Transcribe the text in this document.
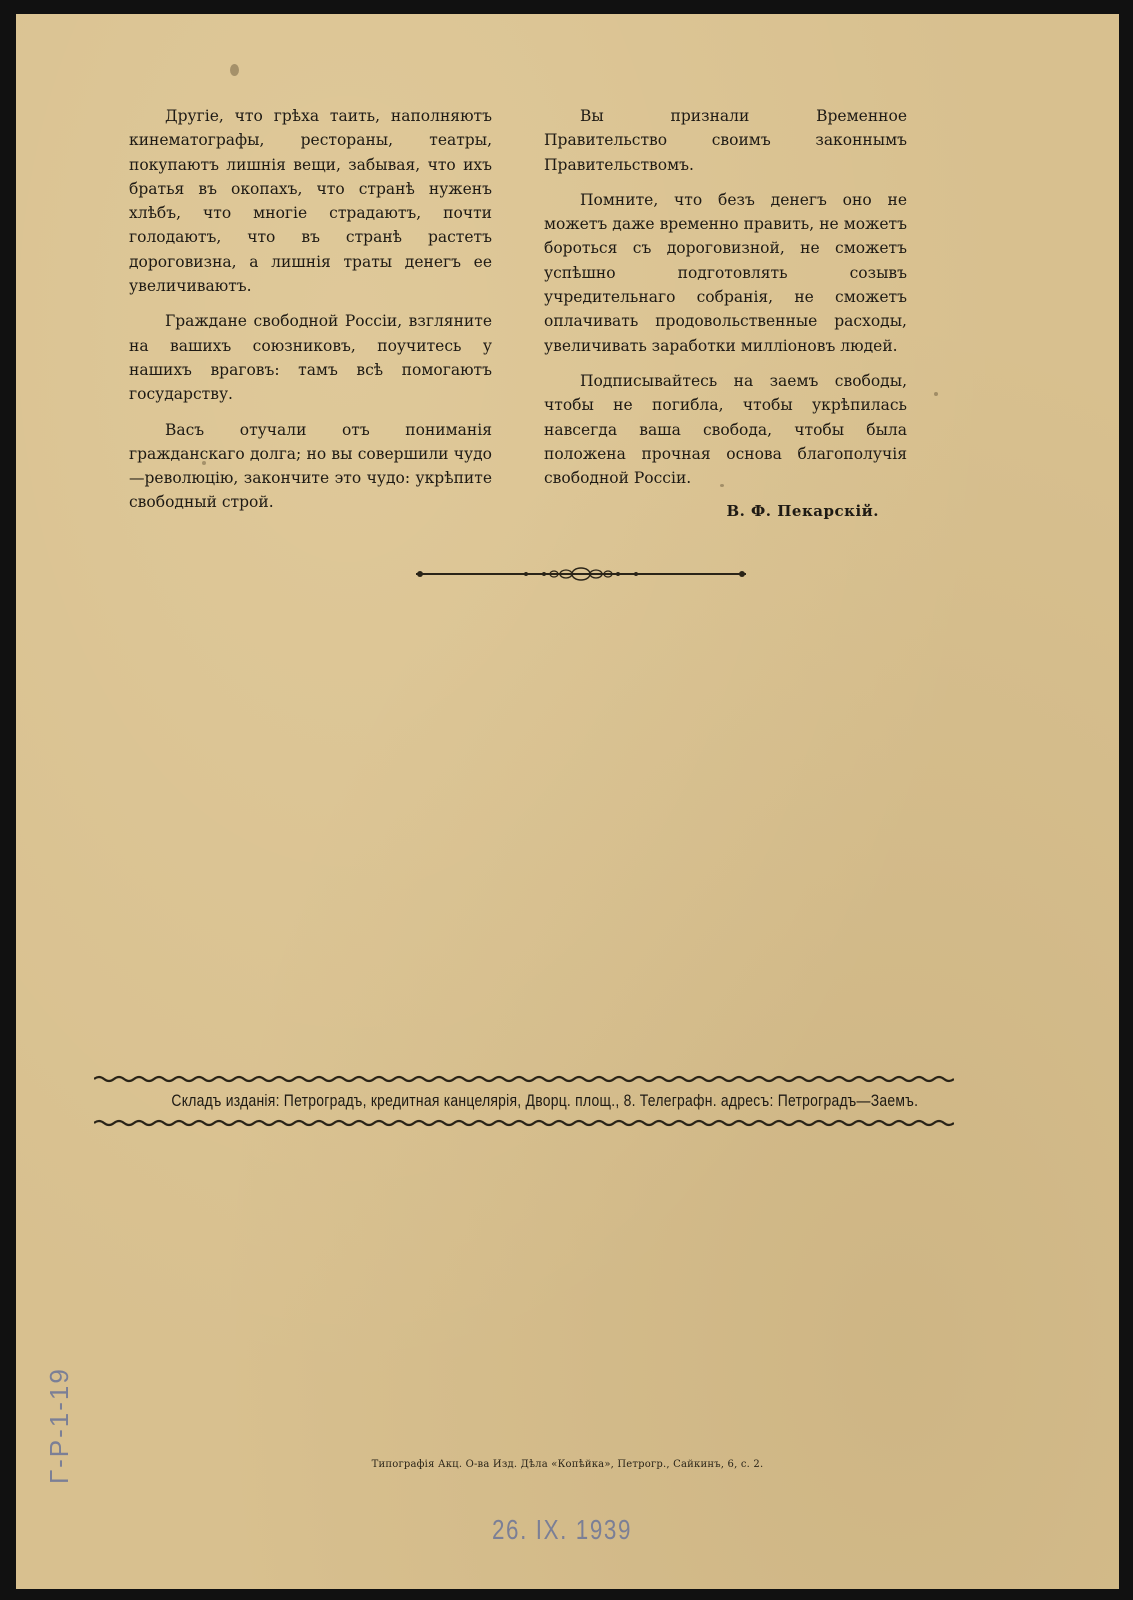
Другіе, что грѣха таить, наполняютъ кинематографы, рестораны, театры, покупаютъ лишнія вещи, забывая, что ихъ братья въ окопахъ, что странѣ нуженъ хлѣбъ, что многіе страдаютъ, почти голодаютъ, что въ странѣ растетъ дороговизна, а лишнія траты денегъ ее увеличиваютъ.

Граждане свободной Россіи, взгляните на вашихъ союзниковъ, поучитесь у нашихъ враговъ: тамъ всѣ помогаютъ государству.

Васъ отучали отъ пониманія гражданскаго долга; но вы совершили чудо—революцію, закончите это чудо: укрѣпите свободный строй.

Вы признали Временное Правительство своимъ законнымъ Правительствомъ.

Помните, что безъ денегъ оно не можетъ даже временно править, не можетъ бороться съ дороговизной, не сможетъ успѣшно подготовлять созывъ учредительнаго собранія, не сможетъ оплачивать продовольственные расходы, увеличивать заработки милліоновъ людей.

Подписывайтесь на заемъ свободы, чтобы не погибла, чтобы укрѣпилась навсегда ваша свобода, чтобы была положена прочная основа благополучія свободной Россіи.

В. Ф. Пекарскій.
Складъ изданія: Петроградъ, кредитная канцелярія, Дворц. площ., 8. Телеграфн. адресъ: Петроградъ—Заемъ.
Типографія Акц. О-ва Изд. Дѣла «Копѣйка», Петрогр., Сайкинъ, 6, с. 2.
26. IX. 1939
Г-Р-1-19
